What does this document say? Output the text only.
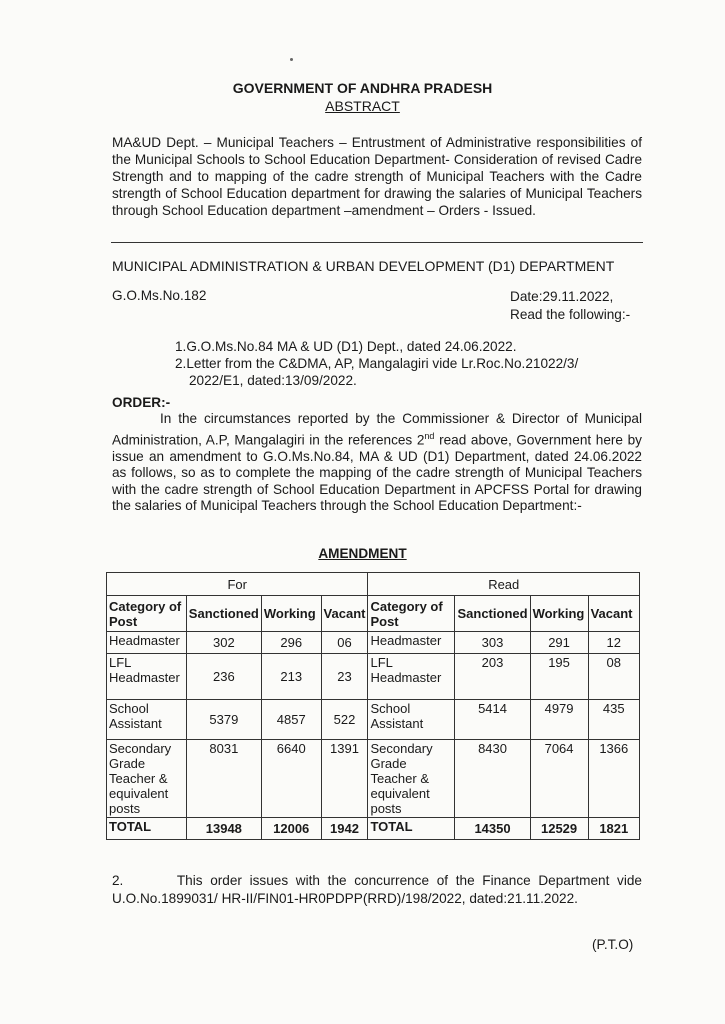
GOVERNMENT OF ANDHRA PRADESH
ABSTRACT
MA&UD Dept. – Municipal Teachers – Entrustment of Administrative responsibilities of the Municipal Schools to School Education Department- Consideration of revised Cadre Strength and to mapping of the cadre strength of Municipal Teachers with the Cadre strength of School Education department for drawing the salaries of Municipal Teachers through School Education department –amendment – Orders - Issued.
MUNICIPAL ADMINISTRATION & URBAN DEVELOPMENT (D1) DEPARTMENT
G.O.Ms.No.182	Date:29.11.2022,
Read the following:-
1.G.O.Ms.No.84 MA & UD (D1) Dept., dated 24.06.2022.
2.Letter from the C&DMA, AP, Mangalagiri vide Lr.Roc.No.21022/3/
2022/E1, dated:13/09/2022.
ORDER:-
In the circumstances reported by the Commissioner & Director of Municipal Administration, A.P, Mangalagiri in the references 2nd read above, Government here by issue an amendment to G.O.Ms.No.84, MA & UD (D1) Department, dated 24.06.2022 as follows, so as to complete the mapping of the cadre strength of Municipal Teachers with the cadre strength of School Education Department in APCFSS Portal for drawing the salaries of Municipal Teachers through the School Education Department:-
AMENDMENT
For				Read			
Category of Post	Sanctioned	Working	Vacant	Category of Post	Sanctioned	Working	Vacant
Headmaster	302	296	06	Headmaster	303	291	12
LFL Headmaster	236	213	23	LFL Headmaster	203	195	08
School Assistant	5379	4857	522	School Assistant	5414	4979	435
Secondary Grade Teacher & equivalent posts	8031	6640	1391	Secondary Grade Teacher & equivalent posts	8430	7064	1366
TOTAL	13948	12006	1942	TOTAL	14350	12529	1821
2.       This order issues with the concurrence of the Finance Department vide U.O.No.1899031/ HR-II/FIN01-HR0PDPP(RRD)/198/2022, dated:21.11.2022.
(P.T.O)
